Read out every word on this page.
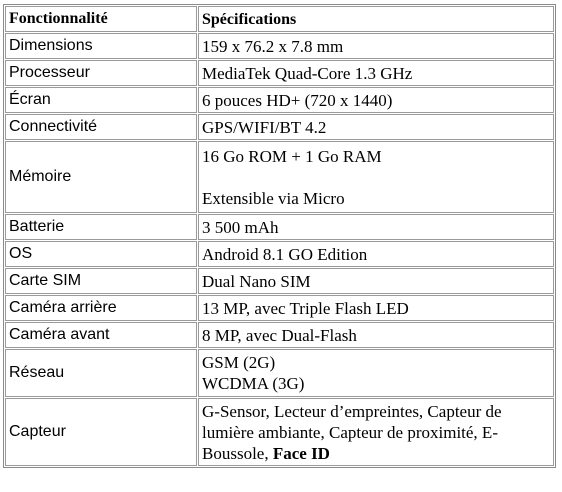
Fonctionnalité	Spécifications
Dimensions	159 x 76.2 x 7.8 mm
Processeur	MediaTek Quad-Core 1.3 GHz
Écran	6 pouces HD+ (720 x 1440)
Connectivité	GPS/WIFI/BT 4.2
Mémoire	16 Go ROM + 1 Go RAM
Extensible via Micro

Batterie	3 500 mAh
OS	Android 8.1 GO Edition
Carte SIM	Dual Nano SIM
Caméra arrière	13 MP, avec Triple Flash LED
Caméra avant	8 MP, avec Dual-Flash
Réseau	GSM (2G)
WCDMA (3G)

Capteur	G-Sensor, Lecteur d’empreintes, Capteur de lumière ambiante, Capteur de proximité, E-Boussole, Face ID
